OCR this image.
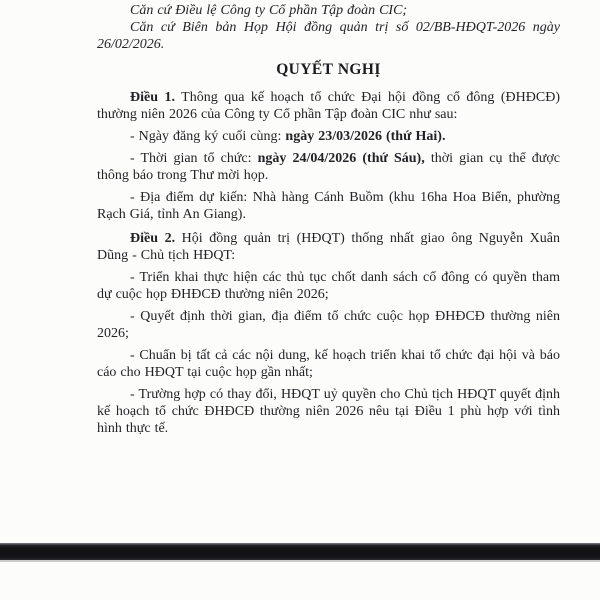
Căn cứ Điều lệ Công ty Cổ phần Tập đoàn CIC;

Căn cứ Biên bản Họp Hội đồng quản trị số 02/BB-HĐQT-2026 ngày 26/02/2026.

QUYẾT NGHỊ

Điều 1. Thông qua kế hoạch tổ chức Đại hội đồng cổ đông (ĐHĐCĐ) thường niên 2026 của Công ty Cổ phần Tập đoàn CIC như sau:

- Ngày đăng ký cuối cùng: ngày 23/03/2026 (thứ Hai).

- Thời gian tổ chức: ngày 24/04/2026 (thứ Sáu), thời gian cụ thể được thông báo trong Thư mời họp.

- Địa điểm dự kiến: Nhà hàng Cánh Buồm (khu 16ha Hoa Biển, phường Rạch Giá, tỉnh An Giang).

Điều 2. Hội đồng quản trị (HĐQT) thống nhất giao ông Nguyễn Xuân Dũng - Chủ tịch HĐQT:

- Triển khai thực hiện các thủ tục chốt danh sách cổ đông có quyền tham dự cuộc họp ĐHĐCĐ thường niên 2026;

- Quyết định thời gian, địa điểm tổ chức cuộc họp ĐHĐCĐ thường niên 2026;

- Chuẩn bị tất cả các nội dung, kế hoạch triển khai tổ chức đại hội và báo cáo cho HĐQT tại cuộc họp gần nhất;

- Trường hợp có thay đổi, HĐQT uỷ quyền cho Chủ tịch HĐQT quyết định kế hoạch tổ chức ĐHĐCĐ thường niên 2026 nêu tại Điều 1 phù hợp với tình hình thực tế.
